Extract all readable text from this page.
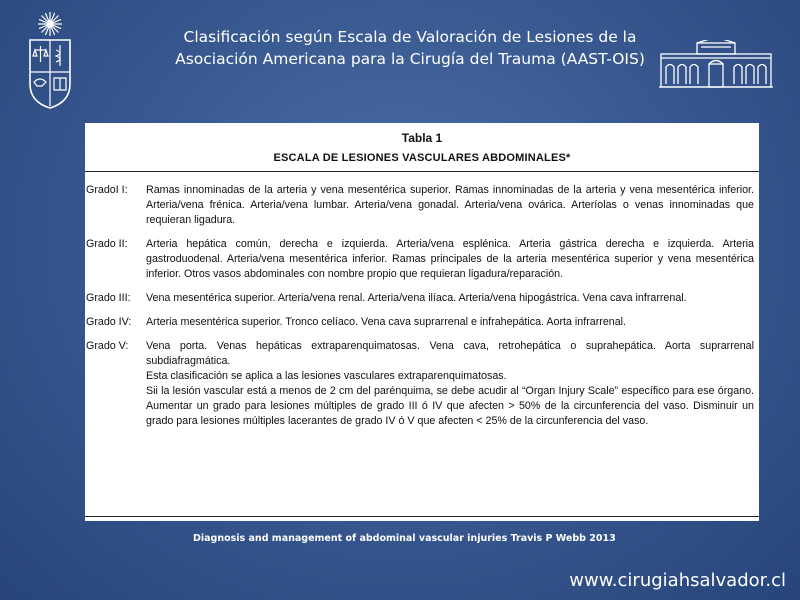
Clasificación según Escala de Valoración de Lesiones de la
Asociación Americana para la Cirugía del Trauma (AAST-OIS)
Tabla 1
ESCALA DE LESIONES VASCULARES ABDOMINALES*
GradoI I:	Ramas innominadas de la arteria y vena mesentérica superior. Ramas innominadas de la arteria y vena mesentérica inferior. Arteria/vena frénica. Arteria/vena lumbar. Arteria/vena gonadal. Arteria/vena ovárica. Arteríolas o venas innominadas que requieran ligadura.

Grado II:	Arteria hepática común, derecha e izquierda. Arteria/vena esplénica. Arteria gástrica derecha e izquierda. Arteria gastroduodenal. Arteria/vena mesentérica inferior. Ramas principales de la arteria mesentérica superior y vena mesentérica inferior. Otros vasos abdominales con nombre propio que requieran ligadura/reparación.

Grado III:	Vena mesentérica superior. Arteria/vena renal. Arteria/vena ilíaca. Arteria/vena hipogástrica. Vena cava infrarrenal.

Grado IV:	Arteria mesentérica superior. Tronco celíaco. Vena cava suprarrenal e infrahepática. Aorta infrarrenal.

Grado V:	Vena porta. Venas hepáticas extraparenquimatosas. Vena cava, retrohepática o suprahepática. Aorta suprarrenal subdiafragmática.

Esta clasificación se aplica a las lesiones vasculares extraparenquimatosas.

Sii la lesión vascular está a menos de 2 cm del parénquima, se debe acudir al “Organ Injury Scale” específico para ese órgano. Aumentar un grado para lesiones múltiples de grado III ó IV que afecten > 50% de la circunferencia del vaso. Disminuir un grado para lesiones múltiples lacerantes de grado IV ó V que afecten < 25% de la circunferencia del vaso.

Diagnosis and management of abdominal vascular injuries Travis P Webb 2013
www.cirugiahsalvador.cl
